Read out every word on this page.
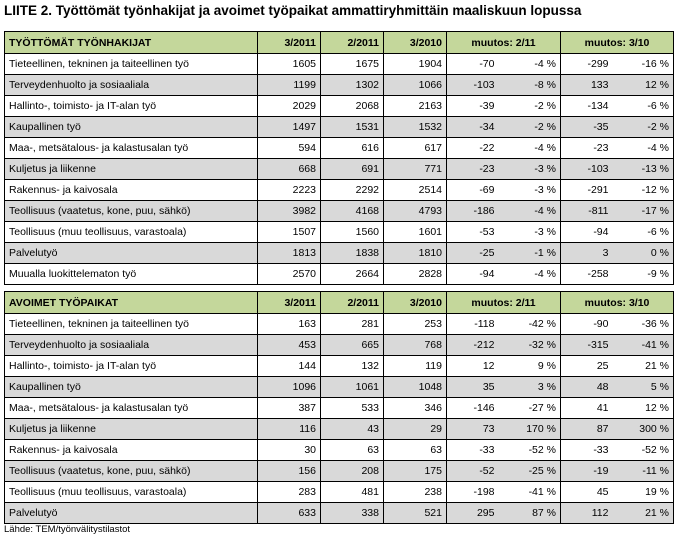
LIITE 2. Työttömät työnhakijat ja avoimet työpaikat ammattiryhmittäin maaliskuun lopussa
TYÖTTÖMÄT TYÖNHAKIJAT	3/2011	2/2011	3/2010	muutos: 2/11		muutos: 3/10	
Tieteellinen, tekninen ja taiteellinen työ	1605	1675	1904	-70	-4 %	-299	-16 %
Terveydenhuolto ja sosiaaliala	1199	1302	1066	-103	-8 %	133	12 %
Hallinto-, toimisto- ja IT-alan työ	2029	2068	2163	-39	-2 %	-134	-6 %
Kaupallinen työ	1497	1531	1532	-34	-2 %	-35	-2 %
Maa-, metsätalous- ja kalastusalan työ	594	616	617	-22	-4 %	-23	-4 %
Kuljetus ja liikenne	668	691	771	-23	-3 %	-103	-13 %
Rakennus- ja kaivosala	2223	2292	2514	-69	-3 %	-291	-12 %
Teollisuus (vaatetus, kone, puu, sähkö)	3982	4168	4793	-186	-4 %	-811	-17 %
Teollisuus (muu teollisuus, varastoala)	1507	1560	1601	-53	-3 %	-94	-6 %
Palvelutyö	1813	1838	1810	-25	-1 %	3	0 %
Muualla luokittelematon työ	2570	2664	2828	-94	-4 %	-258	-9 %
AVOIMET TYÖPAIKAT	3/2011	2/2011	3/2010	muutos: 2/11		muutos: 3/10	
Tieteellinen, tekninen ja taiteellinen työ	163	281	253	-118	-42 %	-90	-36 %
Terveydenhuolto ja sosiaaliala	453	665	768	-212	-32 %	-315	-41 %
Hallinto-, toimisto- ja IT-alan työ	144	132	119	12	9 %	25	21 %
Kaupallinen työ	1096	1061	1048	35	3 %	48	5 %
Maa-, metsätalous- ja kalastusalan työ	387	533	346	-146	-27 %	41	12 %
Kuljetus ja liikenne	116	43	29	73	170 %	87	300 %
Rakennus- ja kaivosala	30	63	63	-33	-52 %	-33	-52 %
Teollisuus (vaatetus, kone, puu, sähkö)	156	208	175	-52	-25 %	-19	-11 %
Teollisuus (muu teollisuus, varastoala)	283	481	238	-198	-41 %	45	19 %
Palvelutyö	633	338	521	295	87 %	112	21 %
Lähde: TEM/työnvälitystilastot
